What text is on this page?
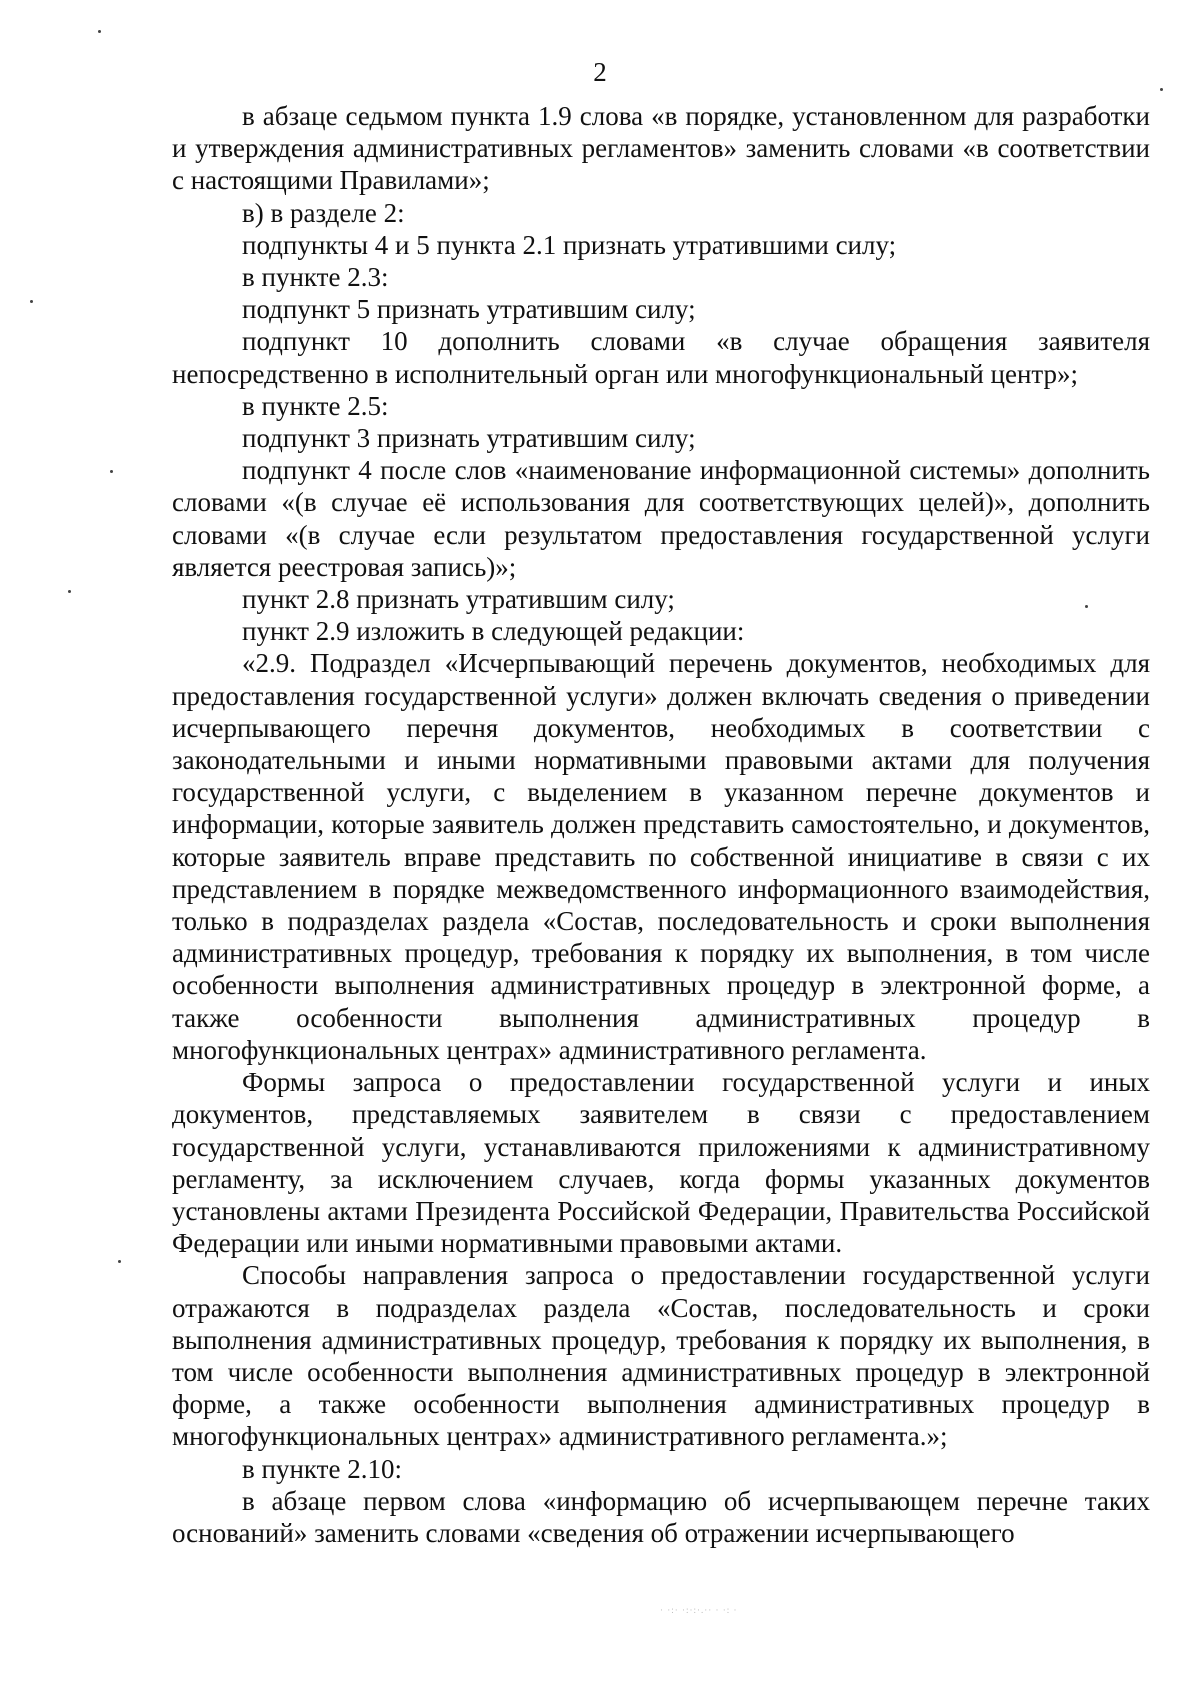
2

в абзаце седьмом пункта 1.9 слова «в порядке, установленном для разработки и утверждения административных регламентов» заменить словами «в соответствии с настоящими Правилами»;

в) в разделе 2:

подпункты 4 и 5 пункта 2.1 признать утратившими силу;

в пункте 2.3:

подпункт 5 признать утратившим силу;

подпункт 10 дополнить словами «в случае обращения заявителя непосредственно в исполнительный орган или многофункциональный центр»;

в пункте 2.5:

подпункт 3 признать утратившим силу;

подпункт 4 после слов «наименование информационной системы» дополнить словами «(в случае её использования для соответствующих целей)», дополнить словами «(в случае если результатом предоставления государственной услуги является реестровая запись)»;

пункт 2.8 признать утратившим силу;

пункт 2.9 изложить в следующей редакции:

«2.9. Подраздел «Исчерпывающий перечень документов, необходимых для предоставления государственной услуги» должен включать сведения о приведении исчерпывающего перечня документов, необходимых в соответствии с законодательными и иными нормативными правовыми актами для получения государственной услуги, с выделением в указанном перечне документов и информации, которые заявитель должен представить самостоятельно, и документов, которые заявитель вправе представить по собственной инициативе в связи с их представлением в порядке межведомственного информационного взаимодействия, только в подразделах раздела «Состав, последовательность и сроки выполнения административных процедур, требования к порядку их выполнения, в том числе особенности выполнения административных процедур в электронной форме, а также особенности выполнения административных процедур в многофункциональных центрах» административного регламента.

Формы запроса о предоставлении государственной услуги и иных документов, представляемых заявителем в связи с предоставлением государственной услуги, устанавливаются приложениями к административному регламенту, за исключением случаев, когда формы указанных документов установлены актами Президента Российской Федерации, Правительства Российской Федерации или иными нормативными правовыми актами.

Способы направления запроса о предоставлении государственной услуги отражаются в подразделах раздела «Состав, последовательность и сроки выполнения административных процедур, требования к порядку их выполнения, в том числе особенности выполнения административных процедур в электронной форме, а также особенности выполнения административных процедур в многофункциональных центрах» административного регламента.»;

в пункте 2.10:

в абзаце первом слова «информацию об исчерпывающем перечне таких оснований» заменить словами «сведения об отражении исчерпывающего

· ·:· ·:·:·.·· · ·: ·
